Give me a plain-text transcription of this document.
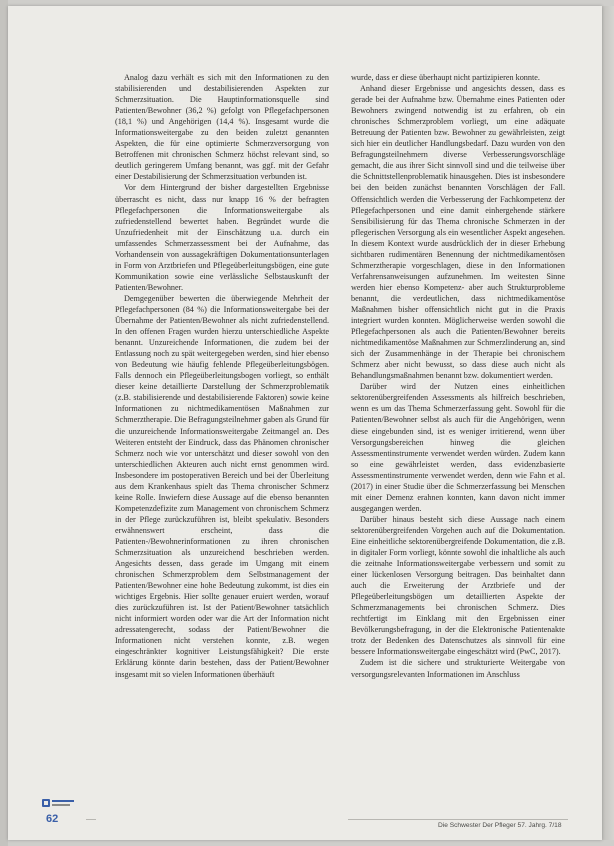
Analog dazu verhält es sich mit den Informationen zu den stabilisierenden und destabilisierenden Aspekten zur Schmerzsituation. Die Hauptinformationsquelle sind Patienten/Bewohner (36,2 %) gefolgt von Pflegefachpersonen (18,1 %) und Angehörigen (14,4 %). Insgesamt wurde die Informationsweitergabe zu den beiden zuletzt genannten Aspekten, die für eine optimierte Schmerzversorgung von Betroffenen mit chronischen Schmerz höchst relevant sind, so deutlich geringerem Umfang benannt, was ggf. mit der Gefahr einer Destabilisierung der Schmerzsituation verbunden ist.

Vor dem Hintergrund der bisher dargestellten Ergebnisse überrascht es nicht, dass nur knapp 16 % der befragten Pflegefachpersonen die Informationsweitergabe als zufriedenstellend bewertet haben. Begründet wurde die Unzufriedenheit mit der Einschätzung u.a. durch ein umfassendes Schmerzassessment bei der Aufnahme, das Vorhandensein von aussagekräftigen Dokumentationsunterlagen in Form von Arztbriefen und Pflegeüberleitungsbögen, eine gute Kommunikation sowie eine verlässliche Selbstauskunft der Patienten/Bewohner.

Demgegenüber bewerten die überwiegende Mehrheit der Pflegefachpersonen (84 %) die Informationsweitergabe bei der Übernahme der Patienten/Bewohner als nicht zufriedenstellend. In den offenen Fragen wurden hierzu unterschiedliche Aspekte benannt. Unzureichende Informationen, die zudem bei der Entlassung noch zu spät weitergegeben werden, sind hier ebenso von Bedeutung wie häufig fehlende Pflegeüberleitungsbögen. Falls dennoch ein Pflegeüberleitungsbogen vorliegt, so enthält dieser keine detaillierte Darstellung der Schmerzproblematik (z.B. stabilisierende und destabilisierende Faktoren) sowie keine Informationen zu nichtmedikamentösen Maßnahmen zur Schmerztherapie. Die Befragungsteilnehmer gaben als Grund für die unzureichende Informationsweitergabe Zeitmangel an. Des Weiteren entsteht der Eindruck, dass das Phänomen chronischer Schmerz noch wie vor unterschätzt und dieser sowohl von den unterschiedlichen Akteuren auch nicht ernst genommen wird. Insbesondere im postoperativen Bereich und bei der Überleitung aus dem Krankenhaus spielt das Thema chronischer Schmerz keine Rolle. Inwiefern diese Aussage auf die ebenso benannten Kompetenzdefizite zum Management von chronischem Schmerz in der Pflege zurückzuführen ist, bleibt spekulativ. Besonders erwähnenswert erscheint, dass die Patienten-/Bewohnerinformationen zu ihren chronischen Schmerzsituation als unzureichend beschrieben werden. Angesichts dessen, dass gerade im Umgang mit einem chronischen Schmerzproblem dem Selbstmanagement der Patienten/Bewohner eine hohe Bedeutung zukommt, ist dies ein wichtiges Ergebnis. Hier sollte genauer eruiert werden, worauf dies zurückzuführen ist. Ist der Patient/Bewohner tatsächlich nicht informiert worden oder war die Art der Information nicht adressatengerecht, sodass der Patient/Bewohner die Informationen nicht verstehen konnte, z.B. wegen eingeschränkter kognitiver Leistungsfähigkeit? Die erste Erklärung könnte darin bestehen, dass der Patient/Bewohner insgesamt mit so vielen Informationen überhäuft

wurde, dass er diese überhaupt nicht partizipieren konnte.

Anhand dieser Ergebnisse und angesichts dessen, dass es gerade bei der Aufnahme bzw. Übernahme eines Patienten oder Bewohners zwingend notwendig ist zu erfahren, ob ein chronisches Schmerzproblem vorliegt, um eine adäquate Betreuung der Patienten bzw. Bewohner zu gewährleisten, zeigt sich hier ein deutlicher Handlungsbedarf. Dazu wurden von den Befragungsteilnehmern diverse Verbesserungsvorschläge gemacht, die aus ihrer Sicht sinnvoll sind und die teilweise über die Schnittstellenproblematik hinausgehen. Dies ist insbesondere bei den beiden zunächst benannten Vorschlägen der Fall. Offensichtlich werden die Verbesserung der Fachkompetenz der Pflegefachpersonen und eine damit einhergehende stärkere Sensibilisierung für das Thema chronische Schmerzen in der pflegerischen Versorgung als ein wesentlicher Aspekt angesehen. In diesem Kontext wurde ausdrücklich der in dieser Erhebung sichtbaren rudimentären Benennung der nichtmedikamentösen Schmerztherapie vorgeschlagen, diese in den Informationen Verfahrensanweisungen aufzunehmen. Im weitesten Sinne werden hier ebenso Kompetenz- aber auch Strukturprobleme benannt, die verdeutlichen, dass nichtmedikamentöse Maßnahmen bisher offensichtlich nicht gut in die Praxis integriert wurden konnten. Möglicherweise werden sowohl die Pflegefachpersonen als auch die Patienten/Bewohner bereits nichtmedikamentöse Maßnahmen zur Schmerzlinderung an, sind sich der Zusammenhänge in der Therapie bei chronischem Schmerz aber nicht bewusst, so dass diese auch nicht als Behandlungsmaßnahmen benannt bzw. dokumentiert werden.

Darüber wird der Nutzen eines einheitlichen sektorenübergreifenden Assessments als hilfreich beschrieben, wenn es um das Thema Schmerzerfassung geht. Sowohl für die Patienten/Bewohner selbst als auch für die Angehörigen, wenn diese eingebunden sind, ist es weniger irritierend, wenn über Versorgungsbereichen hinweg die gleichen Assessmentinstrumente verwendet werden würden. Zudem kann so eine gewährleistet werden, dass evidenzbasierte Assessmentinstrumente verwendet werden, denn wie Fahn et al. (2017) in einer Studie über die Schmerzerfassung bei Menschen mit einer Demenz erahnen konnten, kann davon nicht immer ausgegangen werden.

Darüber hinaus besteht sich diese Aussage nach einem sektorenübergreifenden Vorgehen auch auf die Dokumentation. Eine einheitliche sektorenübergreifende Dokumentation, die z.B. in digitaler Form vorliegt, könnte sowohl die inhaltliche als auch die zeitnahe Informationsweitergabe verbessern und somit zu einer lückenlosen Versorgung beitragen. Das beinhaltet dann auch die Erweiterung der Arztbriefe und der Pflegeüberleitungsbögen um detaillierten Aspekte der Schmerzmanagements bei chronischen Schmerz. Dies rechtfertigt im Einklang mit den Ergebnissen einer Bevölkerungsbefragung, in der die Elektronische Patientenakte trotz der Bedenken des Datenschutzes als sinnvoll für eine bessere Informationsweitergabe eingeschätzt wird (PwC, 2017).

Zudem ist die sichere und strukturierte Weitergabe von versorgungsrelevanten Informationen im Anschluss

62
Die Schwester Der Pfleger 57. Jahrg. 7/18
